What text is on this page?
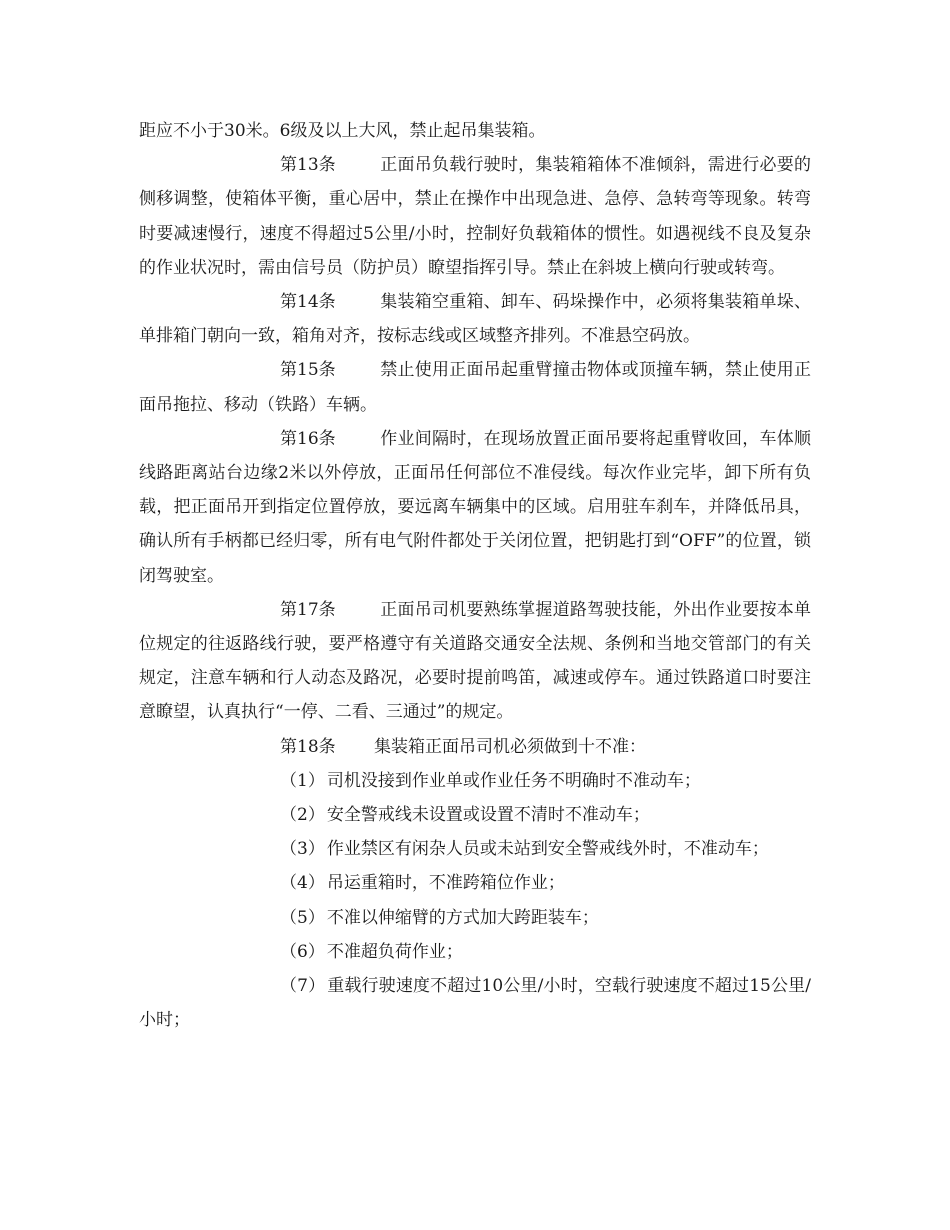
距应不小于30米。6级及以上大风，禁止起吊集装箱。

第13条	正面吊负载行驶时，集装箱箱体不准倾斜，需进行必要的侧移调整，使箱体平衡，重心居中，禁止在操作中出现急进、急停、急转弯等现象。转弯时要减速慢行，速度不得超过5公里/小时，控制好负载箱体的惯性。如遇视线不良及复杂的作业状况时，需由信号员（防护员）瞭望指挥引导。禁止在斜坡上横向行驶或转弯。

第14条	集装箱空重箱、卸车、码垛操作中，必须将集装箱单垛、单排箱门朝向一致，箱角对齐，按标志线或区域整齐排列。不准悬空码放。

第15条	禁止使用正面吊起重臂撞击物体或顶撞车辆，禁止使用正面吊拖拉、移动（铁路）车辆。

第16条	作业间隔时，在现场放置正面吊要将起重臂收回，车体顺线路距离站台边缘2米以外停放，正面吊任何部位不准侵线。每次作业完毕，卸下所有负载，把正面吊开到指定位置停放，要远离车辆集中的区域。启用驻车刹车，并降低吊具，确认所有手柄都已经归零，所有电气附件都处于关闭位置，把钥匙打到“OFF”的位置，锁闭驾驶室。

第17条	正面吊司机要熟练掌握道路驾驶技能，外出作业要按本单位规定的往返路线行驶，要严格遵守有关道路交通安全法规、条例和当地交管部门的有关规定，注意车辆和行人动态及路况，必要时提前鸣笛，减速或停车。通过铁路道口时要注意瞭望，认真执行“一停、二看、三通过”的规定。

第18条 集装箱正面吊司机必须做到十不准：

（1） 司机没接到作业单或作业任务不明确时不准动车；

（2） 安全警戒线未设置或设置不清时不准动车；

（3） 作业禁区有闲杂人员或未站到安全警戒线外时，不准动车；

（4） 吊运重箱时，不准跨箱位作业；

（5） 不准以伸缩臂的方式加大跨距装车；

（6） 不准超负荷作业；

（7） 重载行驶速度不超过10公里/小时，空载行驶速度不超过15公里/小时；
